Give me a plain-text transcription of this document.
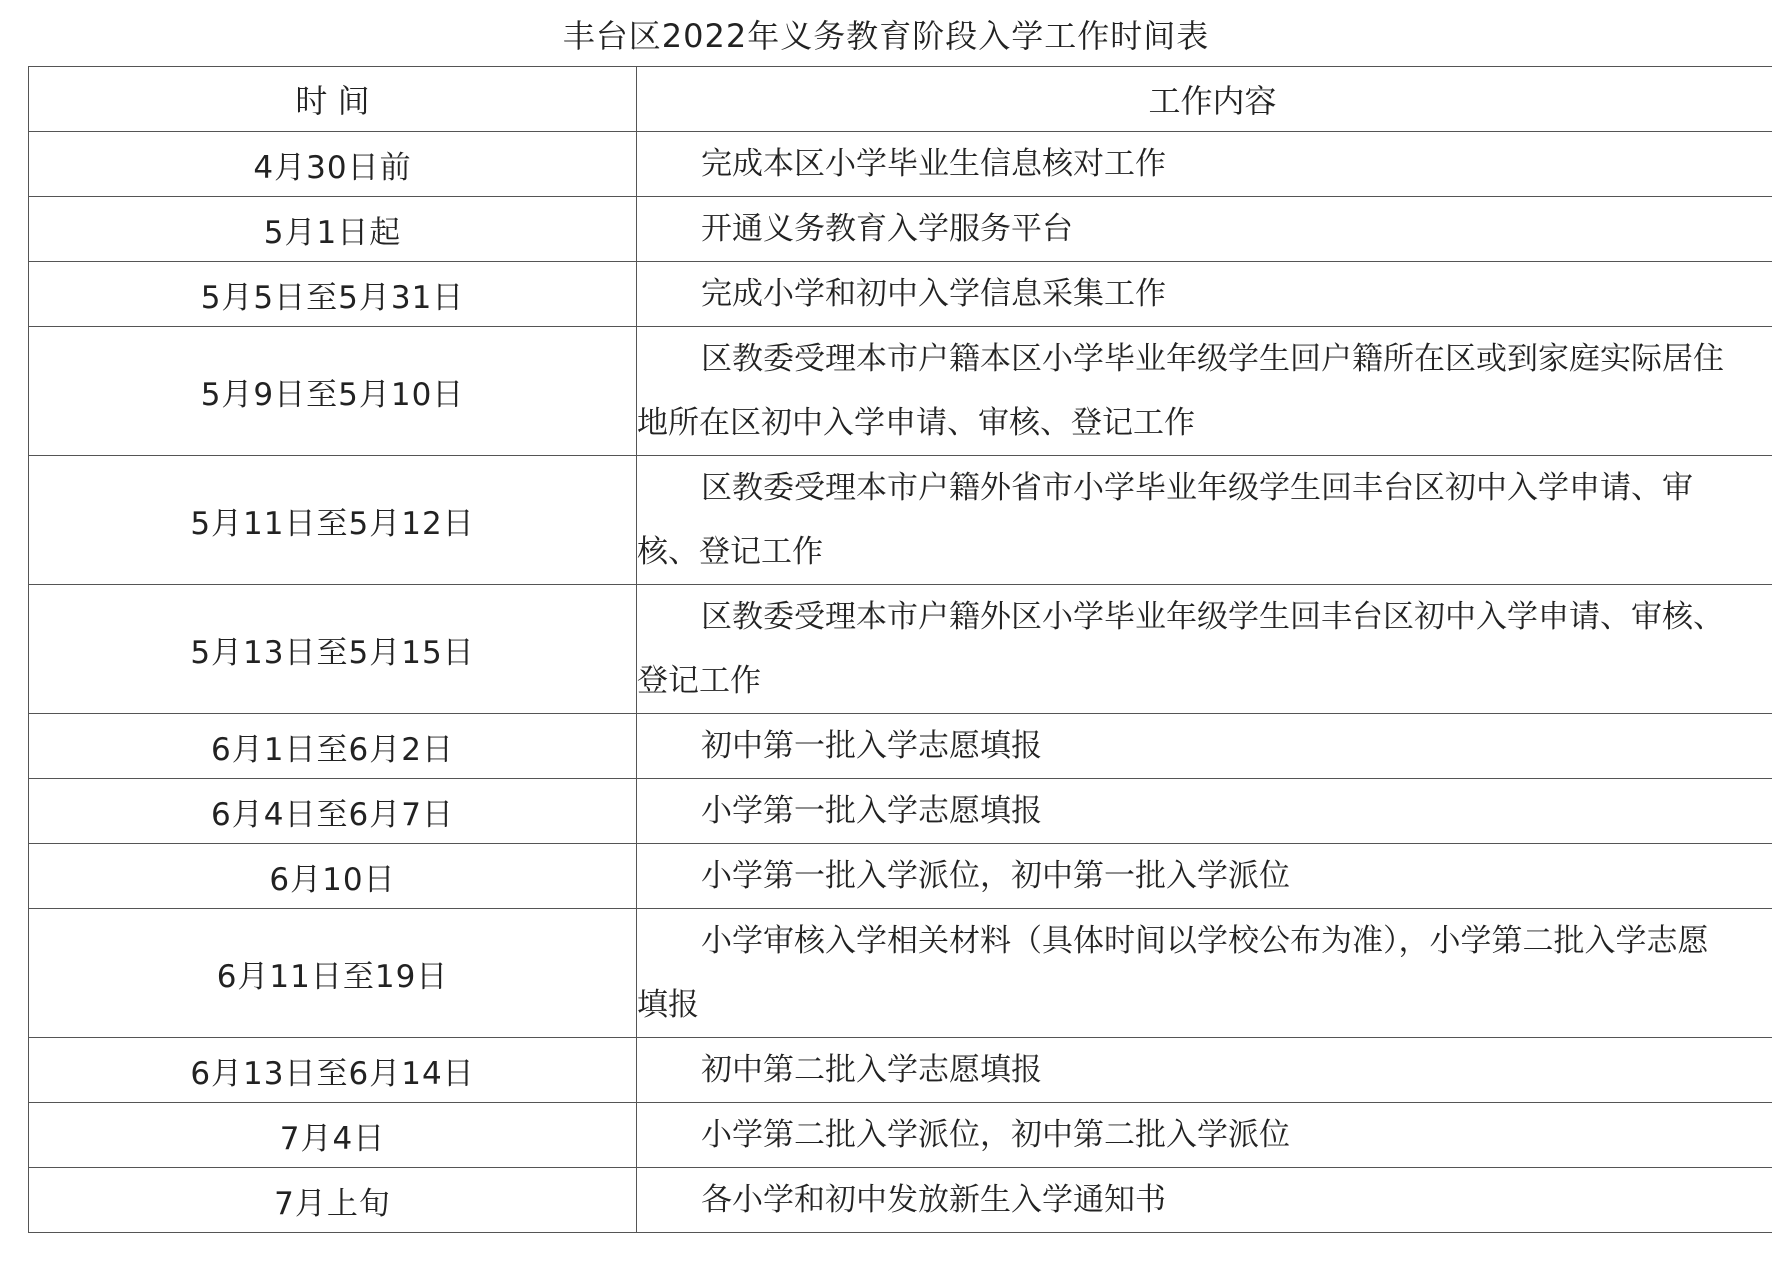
丰台区2022年义务教育阶段入学工作时间表
时 间	工作内容
4月30日前	完成本区小学毕业生信息核对工作

5月1日起	开通义务教育入学服务平台

5月5日至5月31日	完成小学和初中入学信息采集工作

5月9日至5月10日	区教委受理本市户籍本区小学毕业年级学生回户籍所在区或到家庭实际居住
地所在区初中入学申请、审核、登记工作

5月11日至5月12日	区教委受理本市户籍外省市小学毕业年级学生回丰台区初中入学申请、审
核、登记工作

5月13日至5月15日	区教委受理本市户籍外区小学毕业年级学生回丰台区初中入学申请、审核、
登记工作

6月1日至6月2日	初中第一批入学志愿填报

6月4日至6月7日	小学第一批入学志愿填报

6月10日	小学第一批入学派位，初中第一批入学派位

6月11日至19日	小学审核入学相关材料（具体时间以学校公布为准），小学第二批入学志愿
填报

6月13日至6月14日	初中第二批入学志愿填报

7月4日	小学第二批入学派位，初中第二批入学派位

7月上旬	各小学和初中发放新生入学通知书
